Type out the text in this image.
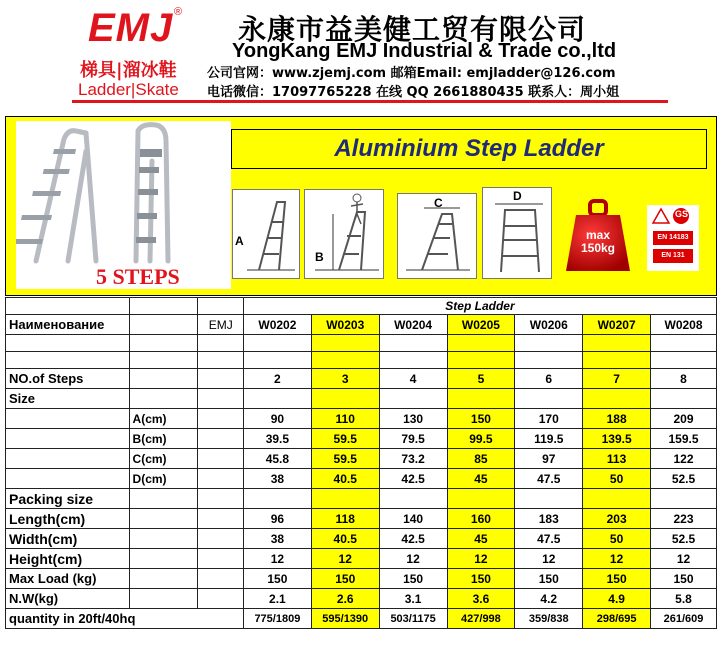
EMJ ®
梯具|溜冰鞋
Ladder|Skate
永康市益美健工贸有限公司
YongKang EMJ Industrial & Trade co.,ltd
公司官网：www.zjemj.com 邮箱Email: emjladder@126.com
电话微信：17097765228 在线 QQ 2661880435 联系人：周小姐
5 STEPS
Aluminium Step Ladder
A
B
C	D
max
150kg
GS
EN 14183
EN 131
			Step Ladder						
Наименование		EMJ	W0202	W0203	W0204	W0205	W0206	W0207	W0208

NO.of Steps			2	3	4	5	6	7	8
Size									
	A(cm)		90	110	130	150	170	188	209
	B(cm)		39.5	59.5	79.5	99.5	119.5	139.5	159.5
	C(cm)		45.8	59.5	73.2	85	97	113	122
	D(cm)		38	40.5	42.5	45	47.5	50	52.5
Packing size									
Length(cm)			96	118	140	160	183	203	223
Width(cm)			38	40.5	42.5	45	47.5	50	52.5
Height(cm)			12	12	12	12	12	12	12
Max Load (kg)			150	150	150	150	150	150	150
N.W(kg)			2.1	2.6	3.1	3.6	4.2	4.9	5.8
quantity in 20ft/40hq			775/1809	595/1390	503/1175	427/998	359/838	298/695	261/609
